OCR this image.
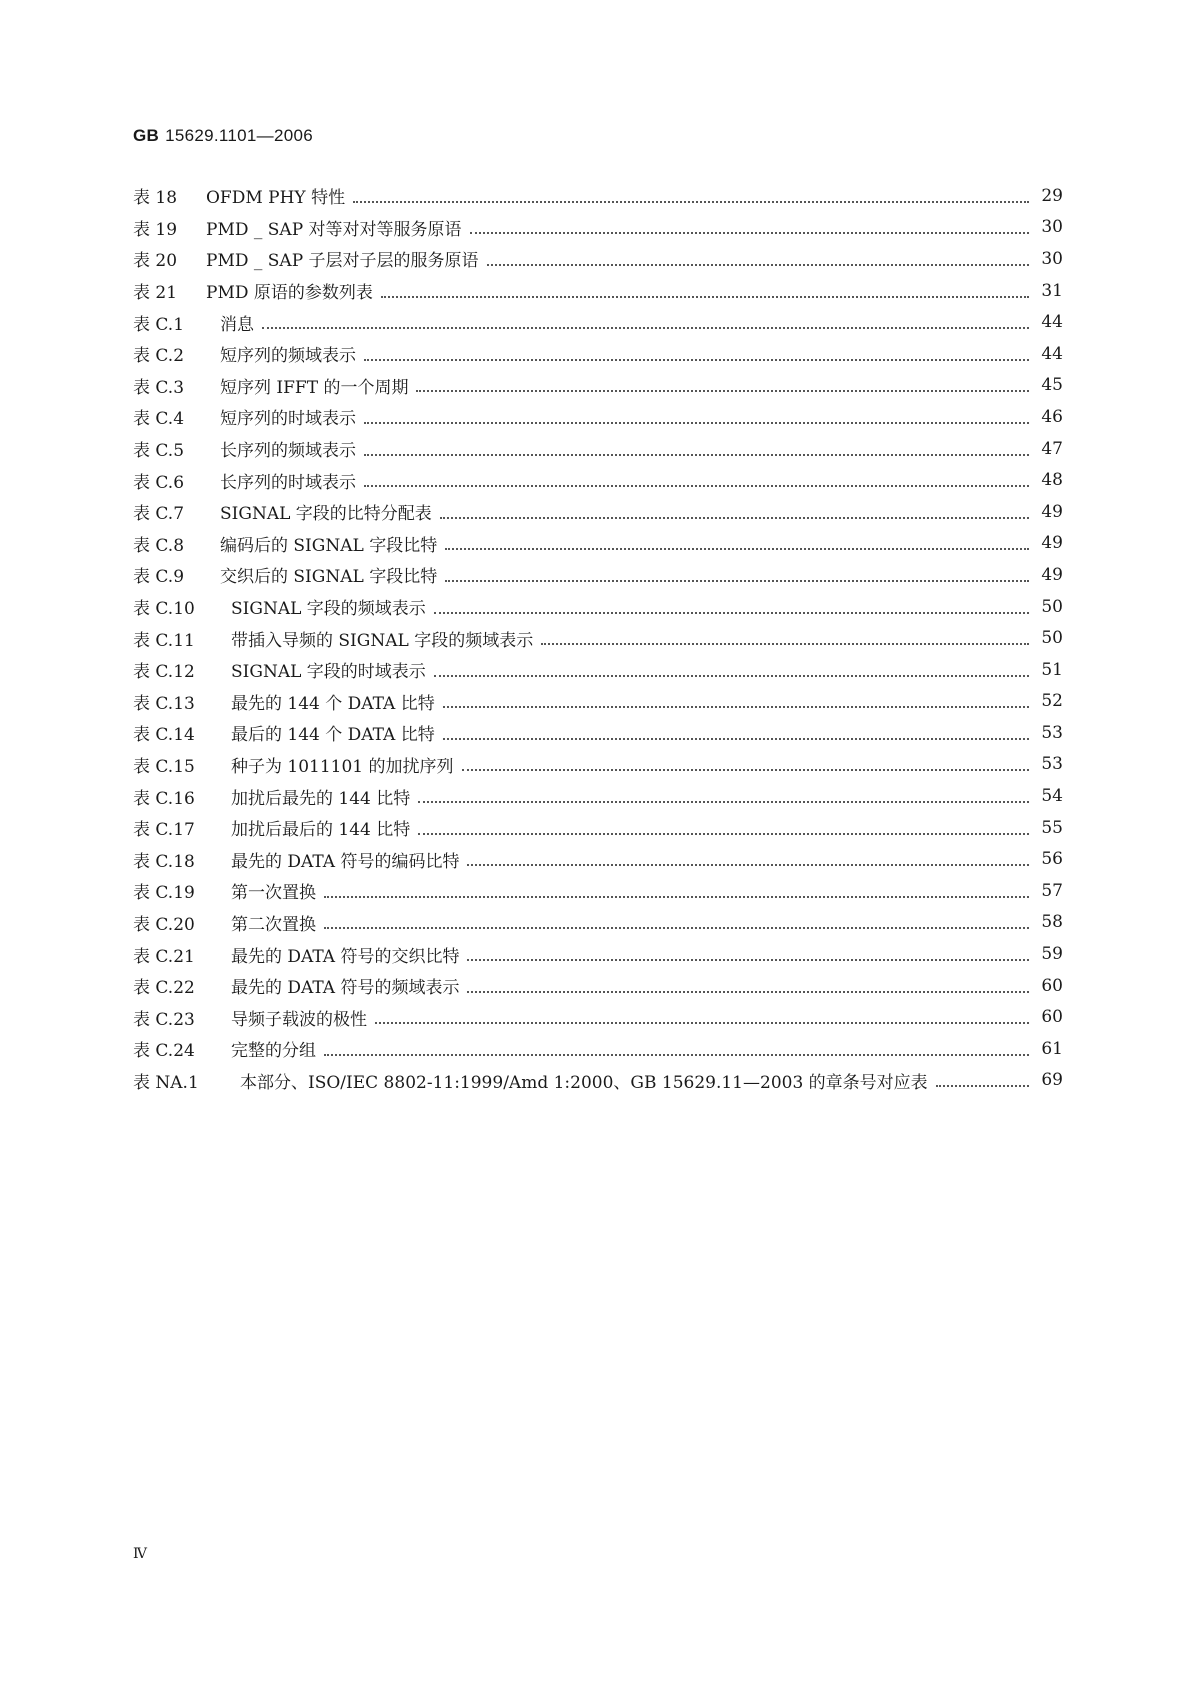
GB 15629.1101—2006
表 18	OFDM PHY 特性	29
表 19	PMD _ SAP 对等对对等服务原语	30
表 20	PMD _ SAP 子层对子层的服务原语	30
表 21	PMD 原语的参数列表	31
表 C.1	消息	44
表 C.2	短序列的频域表示	44
表 C.3	短序列 IFFT 的一个周期	45
表 C.4	短序列的时域表示	46
表 C.5	长序列的频域表示	47
表 C.6	长序列的时域表示	48
表 C.7	SIGNAL 字段的比特分配表	49
表 C.8	编码后的 SIGNAL 字段比特	49
表 C.9	交织后的 SIGNAL 字段比特	49
表 C.10	SIGNAL 字段的频域表示	50
表 C.11	带插入导频的 SIGNAL 字段的频域表示	50
表 C.12	SIGNAL 字段的时域表示	51
表 C.13	最先的 144 个 DATA 比特	52
表 C.14	最后的 144 个 DATA 比特	53
表 C.15	种子为 1011101 的加扰序列	53
表 C.16	加扰后最先的 144 比特	54
表 C.17	加扰后最后的 144 比特	55
表 C.18	最先的 DATA 符号的编码比特	56
表 C.19	第一次置换	57
表 C.20	第二次置换	58
表 C.21	最先的 DATA 符号的交织比特	59
表 C.22	最先的 DATA 符号的频域表示	60
表 C.23	导频子载波的极性	60
表 C.24	完整的分组	61
表 NA.1	本部分、ISO/IEC 8802-11:1999/Amd 1:2000、GB 15629.11—2003 的章条号对应表	69
Ⅳ
